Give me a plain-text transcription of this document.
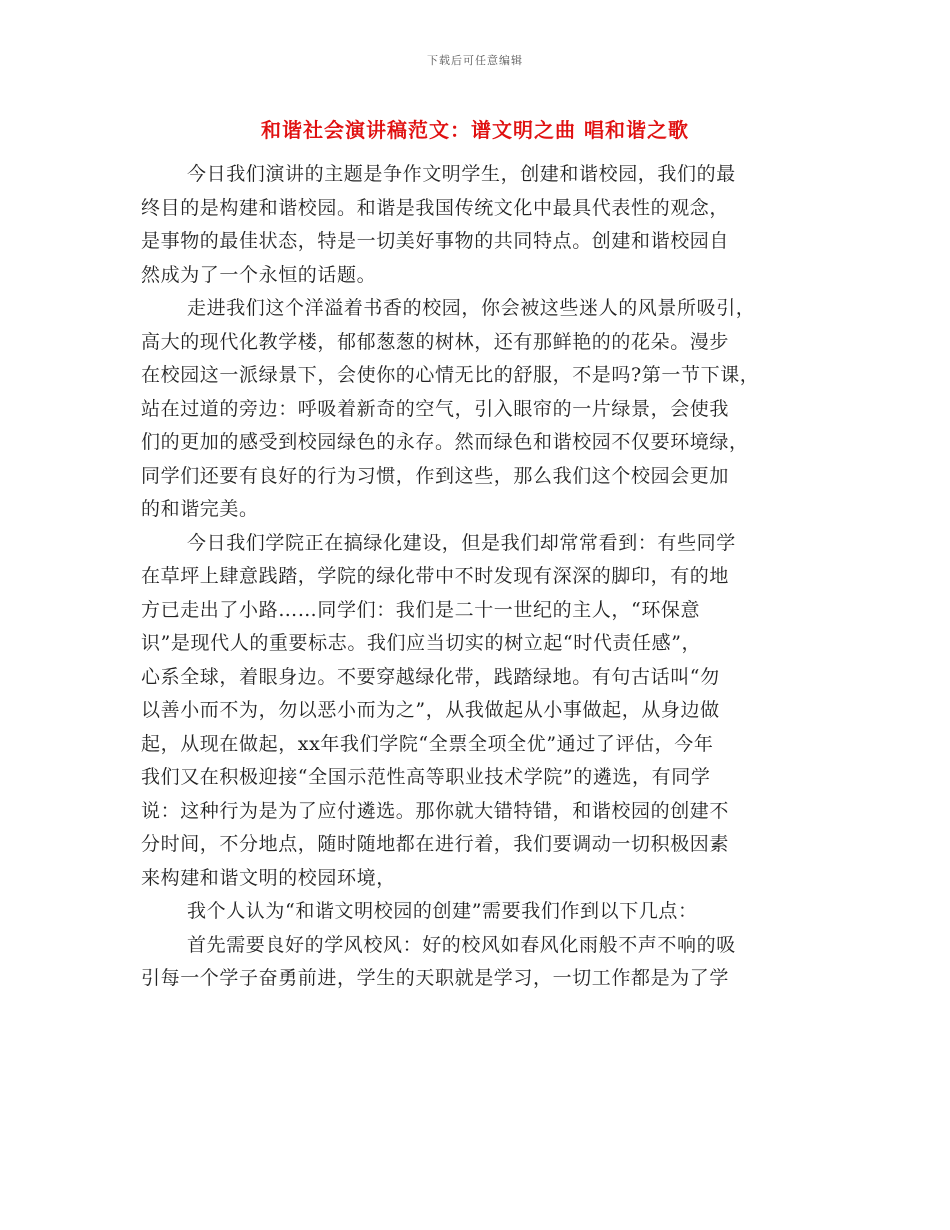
下载后可任意编辑
和谐社会演讲稿范文：谱文明之曲 唱和谐之歌
今日我们演讲的主题是争作文明学生，创建和谐校园，我们的最
终目的是构建和谐校园。和谐是我国传统文化中最具代表性的观念，
是事物的最佳状态，特是一切美好事物的共同特点。创建和谐校园自
然成为了一个永恒的话题。
走进我们这个洋溢着书香的校园，你会被这些迷人的风景所吸引，
高大的现代化教学楼，郁郁葱葱的树林，还有那鲜艳的的花朵。漫步
在校园这一派绿景下，会使你的心情无比的舒服，不是吗?第一节下课，
站在过道的旁边：呼吸着新奇的空气，引入眼帘的一片绿景，会使我
们的更加的感受到校园绿色的永存。然而绿色和谐校园不仅要环境绿，
同学们还要有良好的行为习惯，作到这些，那么我们这个校园会更加
的和谐完美。
今日我们学院正在搞绿化建设，但是我们却常常看到：有些同学
在草坪上肆意践踏，学院的绿化带中不时发现有深深的脚印，有的地
方已走出了小路……同学们：我们是二十一世纪的主人，“环保意
识”是现代人的重要标志。我们应当切实的树立起“时代责任感”，
心系全球，着眼身边。不要穿越绿化带，践踏绿地。有句古话叫“勿
以善小而不为，勿以恶小而为之”，从我做起从小事做起，从身边做
起，从现在做起，xx年我们学院“全票全项全优”通过了评估，今年
我们又在积极迎接“全国示范性高等职业技术学院”的遴选，有同学
说：这种行为是为了应付遴选。那你就大错特错，和谐校园的创建不
分时间，不分地点，随时随地都在进行着，我们要调动一切积极因素
来构建和谐文明的校园环境，
我个人认为“和谐文明校园的创建”需要我们作到以下几点：
首先需要良好的学风校风：好的校风如春风化雨般不声不响的吸
引每一个学子奋勇前进，学生的天职就是学习，一切工作都是为了学
